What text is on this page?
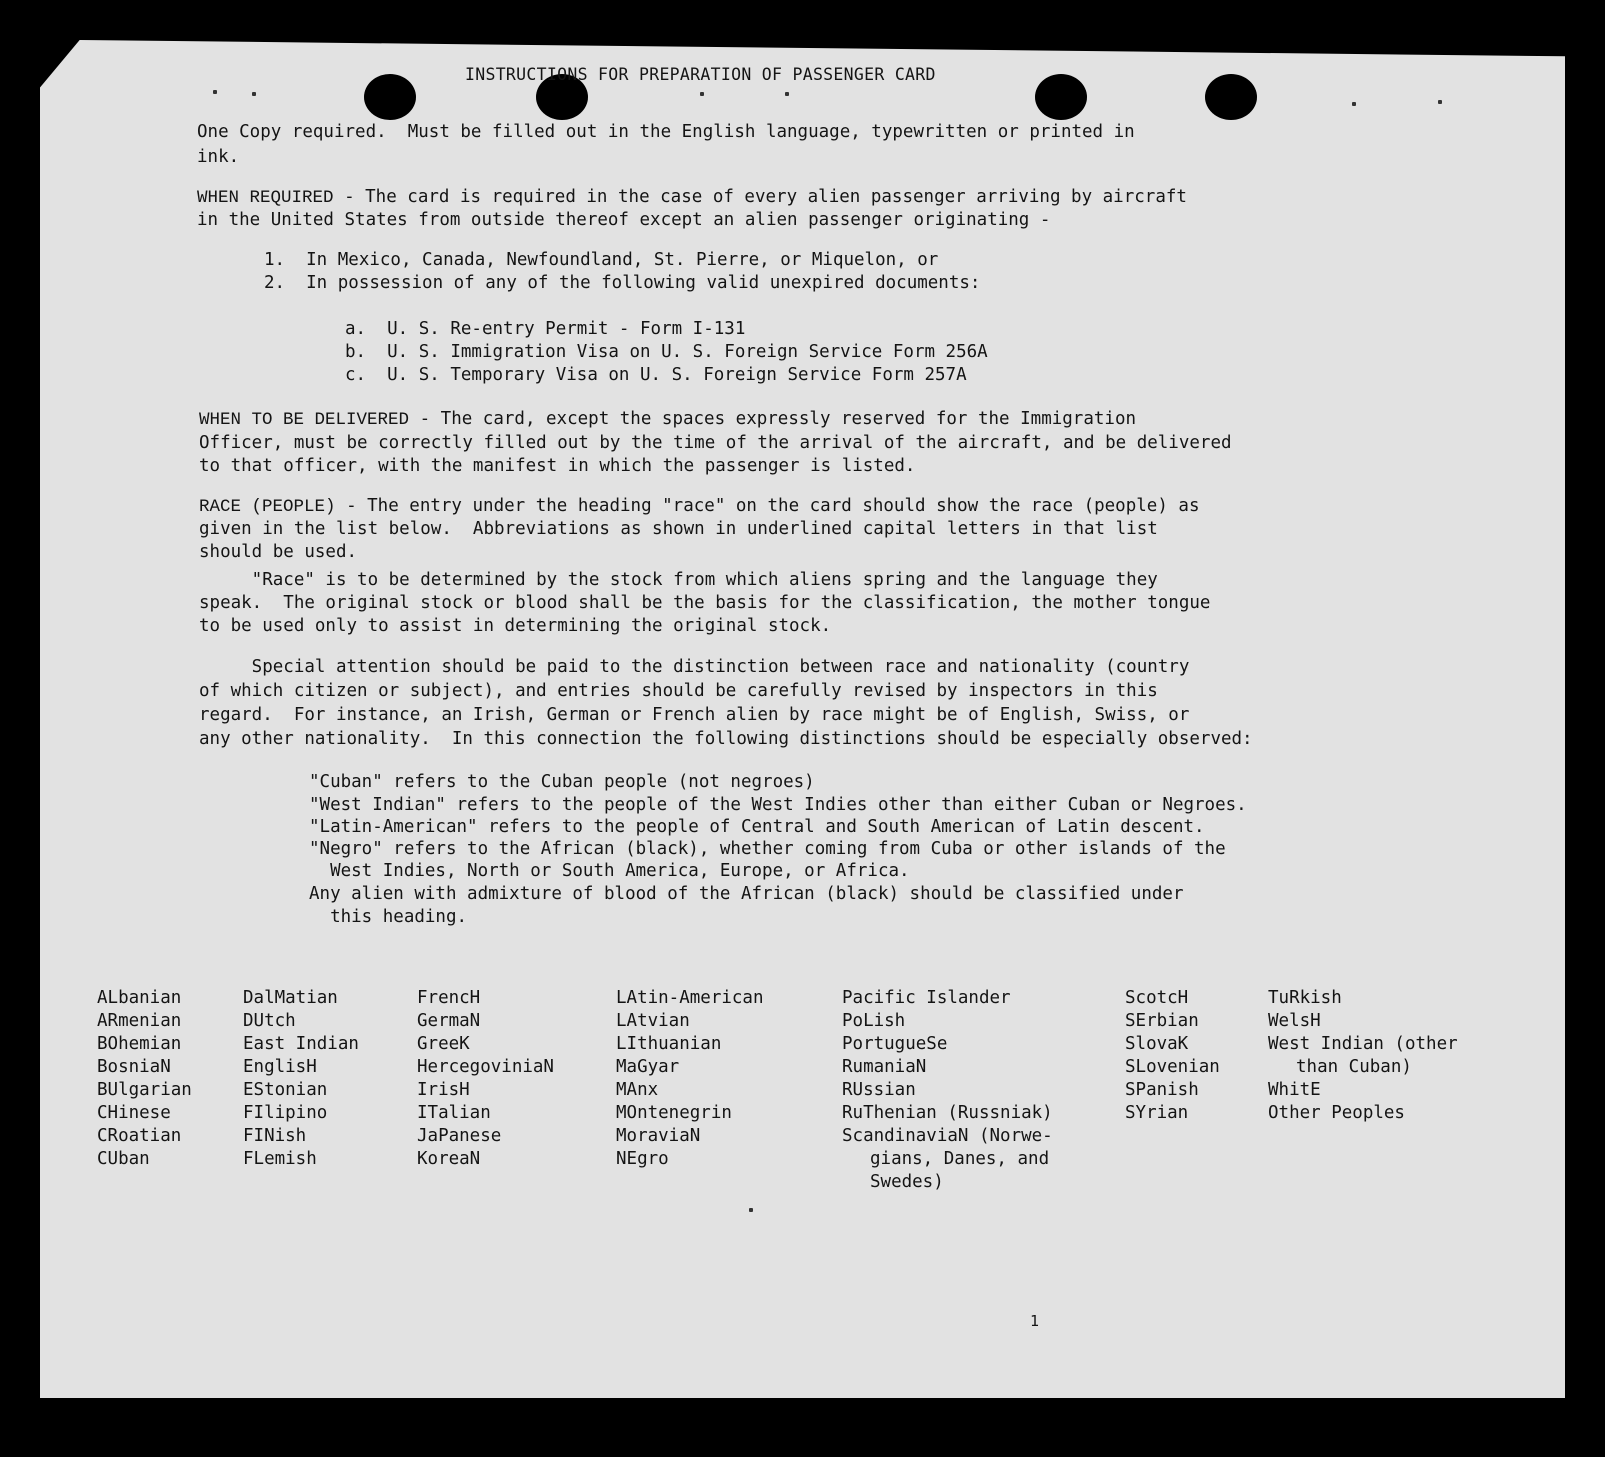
INSTRUCTIONS FOR PREPARATION OF PASSENGER CARD
One Copy required.  Must be filled out in the English language, typewritten or printed in
ink.
WHEN REQUIRED - The card is required in the case of every alien passenger arriving by aircraft
in the United States from outside thereof except an alien passenger originating -
1.  In Mexico, Canada, Newfoundland, St. Pierre, or Miquelon, or
2.  In possession of any of the following valid unexpired documents:
a.  U. S. Re-entry Permit - Form I-131
b.  U. S. Immigration Visa on U. S. Foreign Service Form 256A
c.  U. S. Temporary Visa on U. S. Foreign Service Form 257A
WHEN TO BE DELIVERED - The card, except the spaces expressly reserved for the Immigration
Officer, must be correctly filled out by the time of the arrival of the aircraft, and be delivered
to that officer, with the manifest in which the passenger is listed.
RACE (PEOPLE) - The entry under the heading "race" on the card should show the race (people) as
given in the list below.  Abbreviations as shown in underlined capital letters in that list
should be used.
"Race" is to be determined by the stock from which aliens spring and the language they
speak.  The original stock or blood shall be the basis for the classification, the mother tongue
to be used only to assist in determining the original stock.
Special attention should be paid to the distinction between race and nationality (country
of which citizen or subject), and entries should be carefully revised by inspectors in this
regard.  For instance, an Irish, German or French alien by race might be of English, Swiss, or
any other nationality.  In this connection the following distinctions should be especially observed:
"Cuban" refers to the Cuban people (not negroes)
"West Indian" refers to the people of the West Indies other than either Cuban or Negroes.
"Latin-American" refers to the people of Central and South American of Latin descent.
"Negro" refers to the African (black), whether coming from Cuba or other islands of the
West Indies, North or South America, Europe, or Africa.
Any alien with admixture of blood of the African (black) should be classified under
this heading.
ALbanian
ARmenian
BOhemian
BosniaN
BUlgarian
CHinese
CRoatian
CUban
DalMatian
DUtch
East Indian
EnglisH
EStonian
FIlipino
FINish
FLemish
FrencH
GermaN
GreeK
HercegoviniaN
IrisH
ITalian
JaPanese
KoreaN
LAtin-American
LAtvian
LIthuanian
MaGyar
MAnx
MOntenegrin
MoraviaN
NEgro
Pacific Islander
PoLish
PortugueSe
RumaniaN
RUssian
RuThenian (Russniak)
ScandinaviaN (Norwe-
gians, Danes, and
Swedes)
ScotcH
SErbian
SlovaK
SLovenian
SPanish
SYrian
TuRkish
WelsH
West Indian (other
than Cuban)
WhitE
Other Peoples
1
